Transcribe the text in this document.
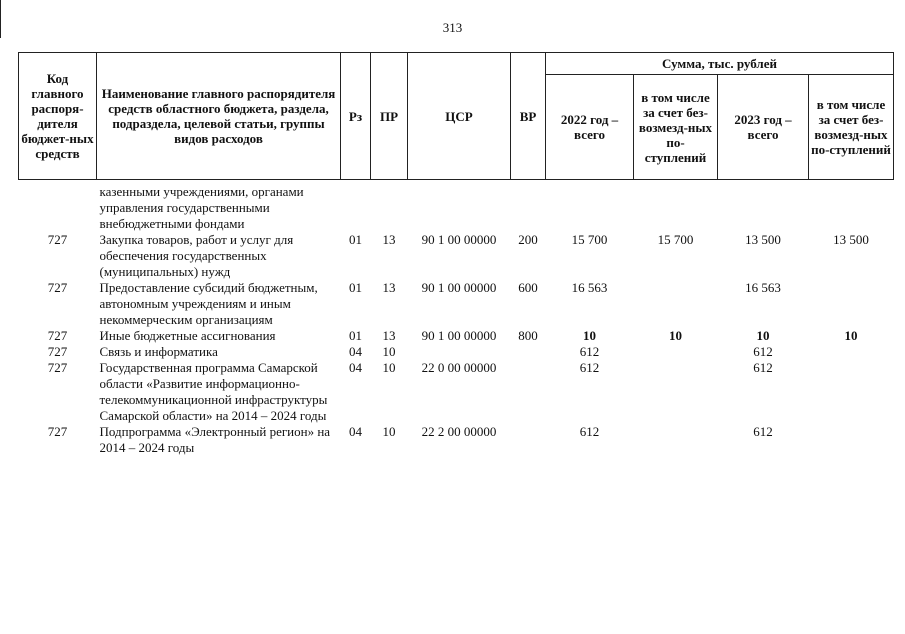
313
Код главного распоря-дителя бюджет-ных средств	Наименование главного распорядителя средств областного бюджета, раздела, подраздела, целевой статьи, группы видов расходов	Рз	ПР	ЦСР	ВР	Сумма, тыс. рублей			
						2022 год – всего	в том числе за счет без-возмезд-ных по-ступлений	2023 год – всего	в том числе за счет без-возмезд-ных по-ступлений
	казенными учреждениями, органами управления государственными внебюджетными фондами								
727	Закупка товаров, работ и услуг для обеспечения государственных (муниципальных) нужд	01	13	90 1 00 00000	200	15 700	15 700	13 500	13 500
727	Предоставление субсидий бюджетным, автономным учреждениям и иным некоммерческим организациям	01	13	90 1 00 00000	600	16 563		16 563	
727	Иные бюджетные ассигнования	01	13	90 1 00 00000	800	10	10	10	10
727	Связь и информатика	04	10			612		612	
727	Государственная программа Самарской области «Развитие информационно-телекоммуникационной инфраструктуры Самарской области» на 2014 – 2024 годы	04	10	22 0 00 00000		612		612	
727	Подпрограмма «Электронный регион» на 2014 – 2024 годы	04	10	22 2 00 00000		612		612	
